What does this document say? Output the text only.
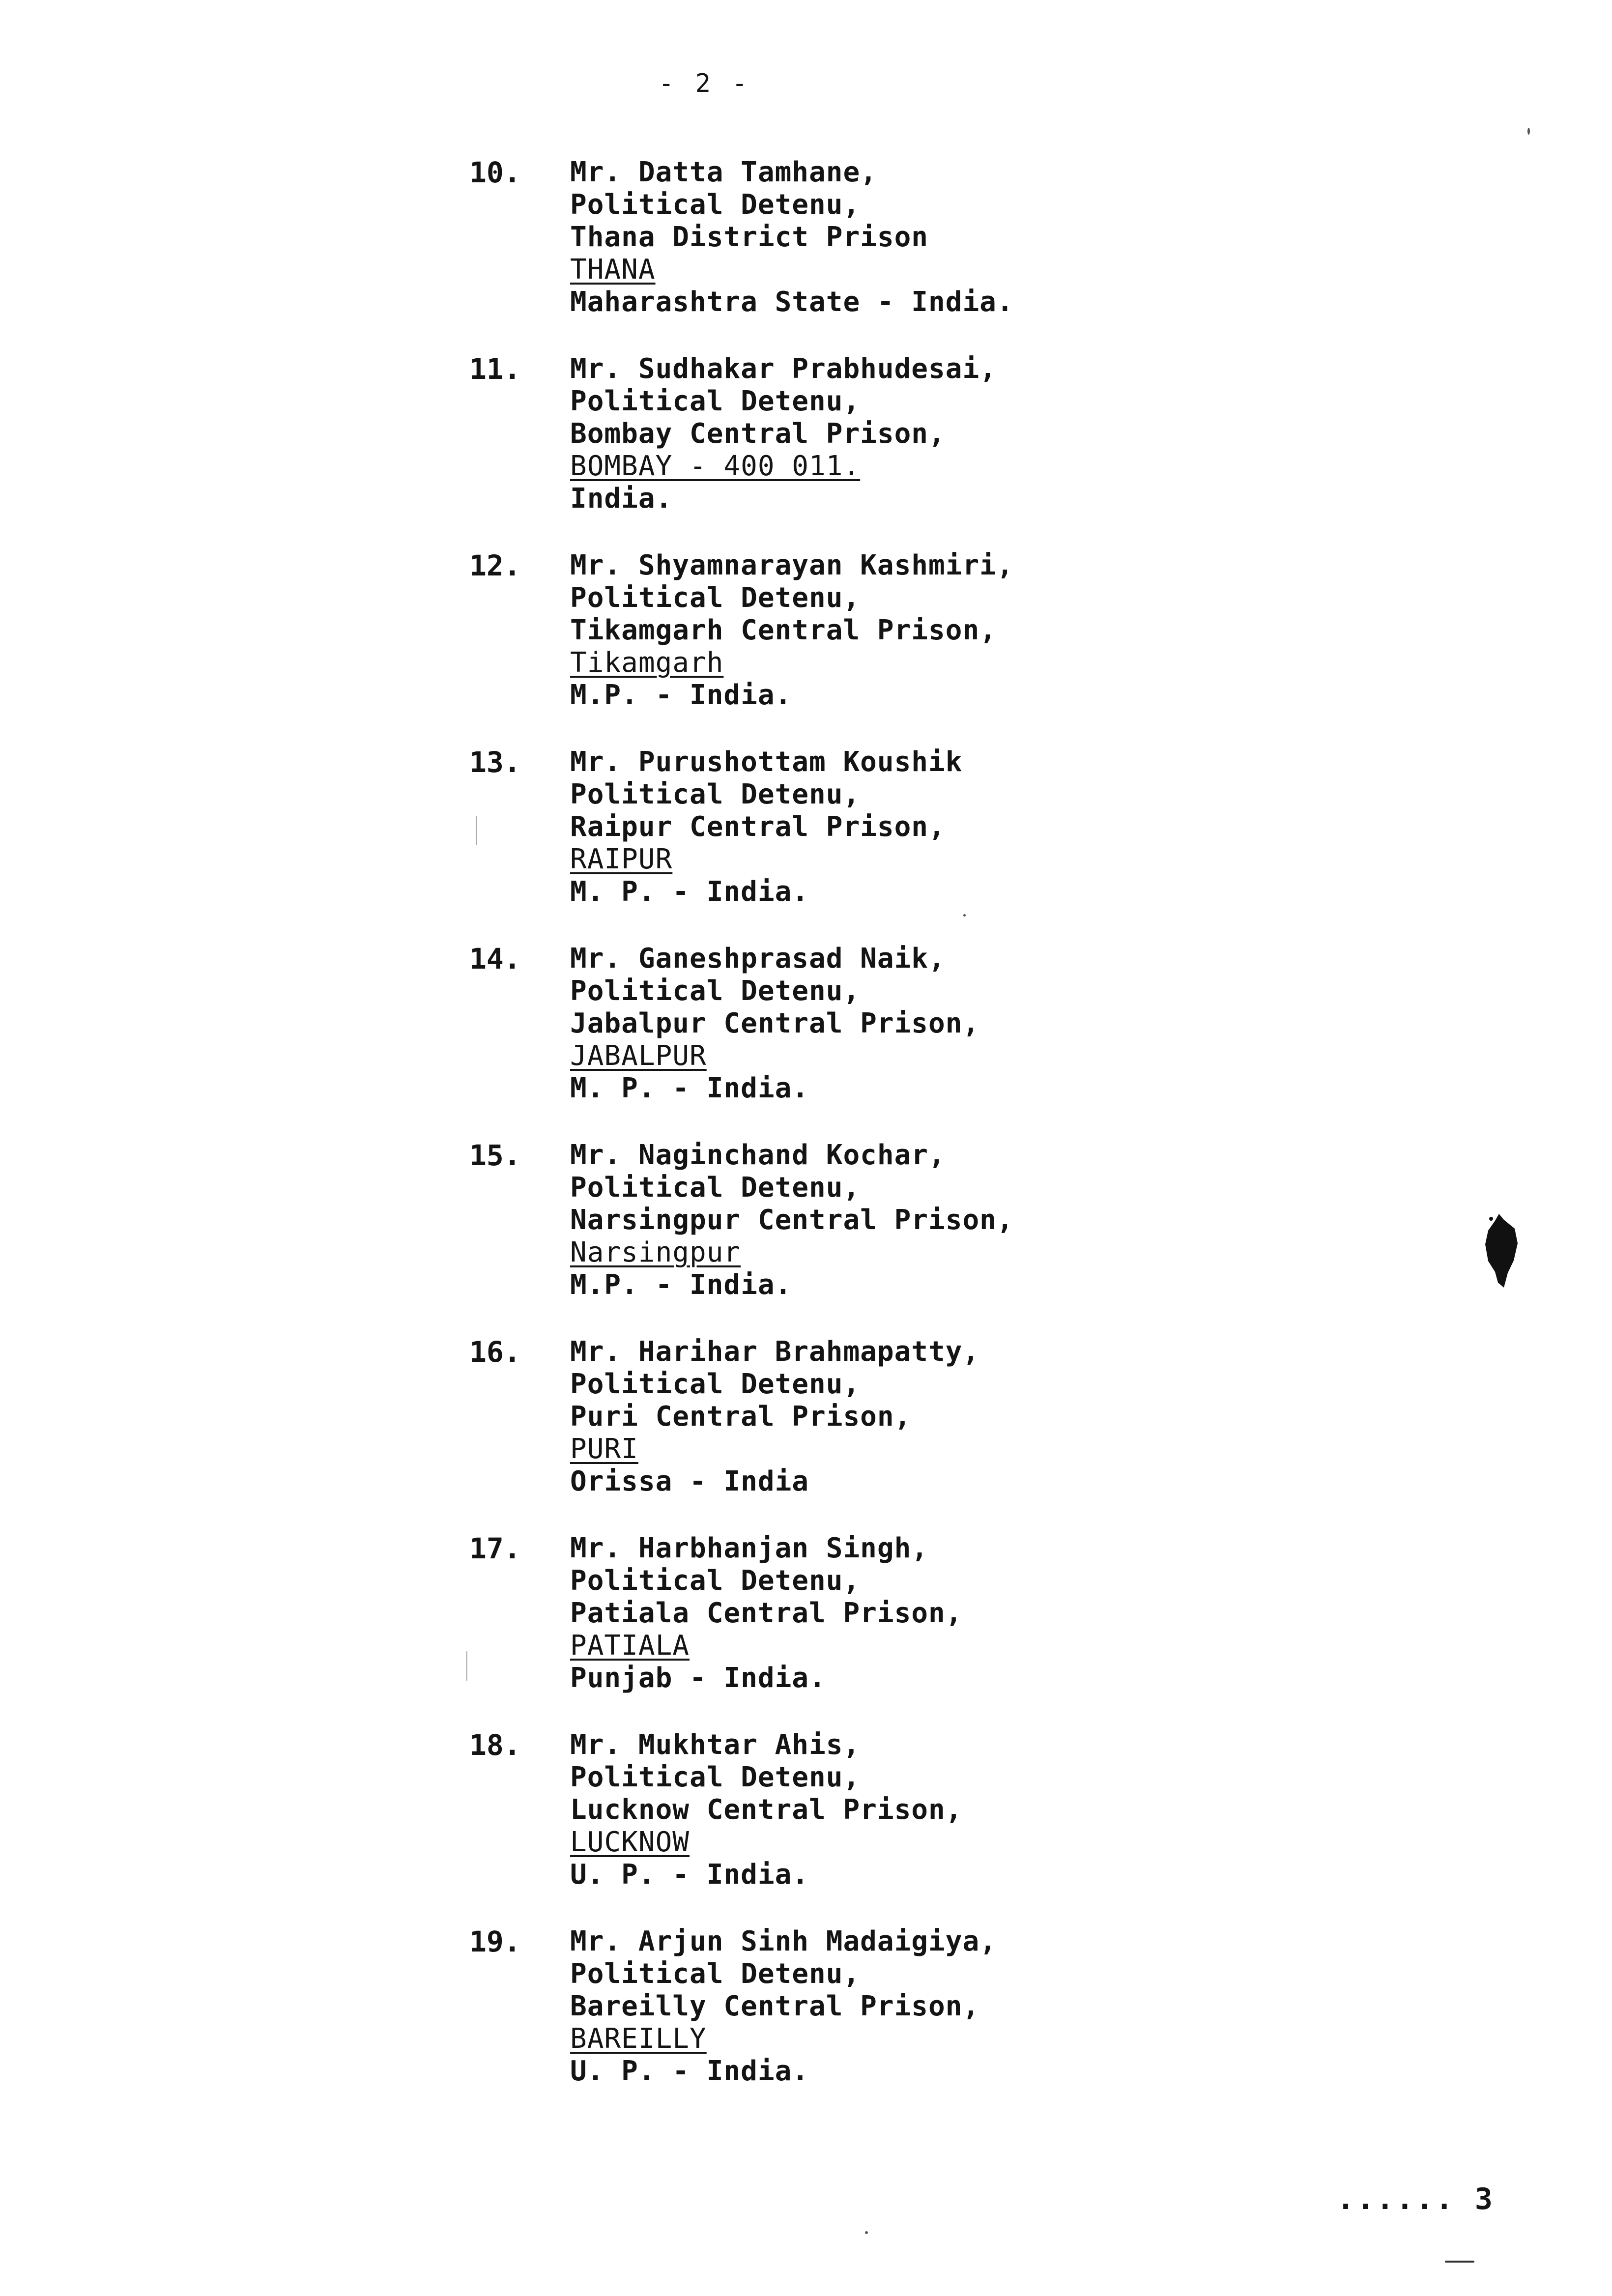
- 2 -
10. Mr. Datta Tamhane,
Political Detenu,
Thana District Prison
THANA
Maharashtra State - India.
11. Mr. Sudhakar Prabhudesai,
Political Detenu,
Bombay Central Prison,
BOMBAY - 400 011.
India.
12. Mr. Shyamnarayan Kashmiri,
Political Detenu,
Tikamgarh Central Prison,
Tikamgarh
M.P. - India.
13. Mr. Purushottam Koushik
Political Detenu,
Raipur Central Prison,
RAIPUR
M. P. - India.
14. Mr. Ganeshprasad Naik,
Political Detenu,
Jabalpur Central Prison,
JABALPUR
M. P. - India.
15. Mr. Naginchand Kochar,
Political Detenu,
Narsingpur Central Prison,
Narsingpur
M.P. - India.
16. Mr. Harihar Brahmapatty,
Political Detenu,
Puri Central Prison,
PURI
Orissa - India
17. Mr. Harbhanjan Singh,
Political Detenu,
Patiala Central Prison,
PATIALA
Punjab - India.
18. Mr. Mukhtar Ahis,
Political Detenu,
Lucknow Central Prison,
LUCKNOW
U. P. - India.
19. Mr. Arjun Sinh Madaigiya,
Political Detenu,
Bareilly Central Prison,
BAREILLY
U. P. - India.
...... 3
